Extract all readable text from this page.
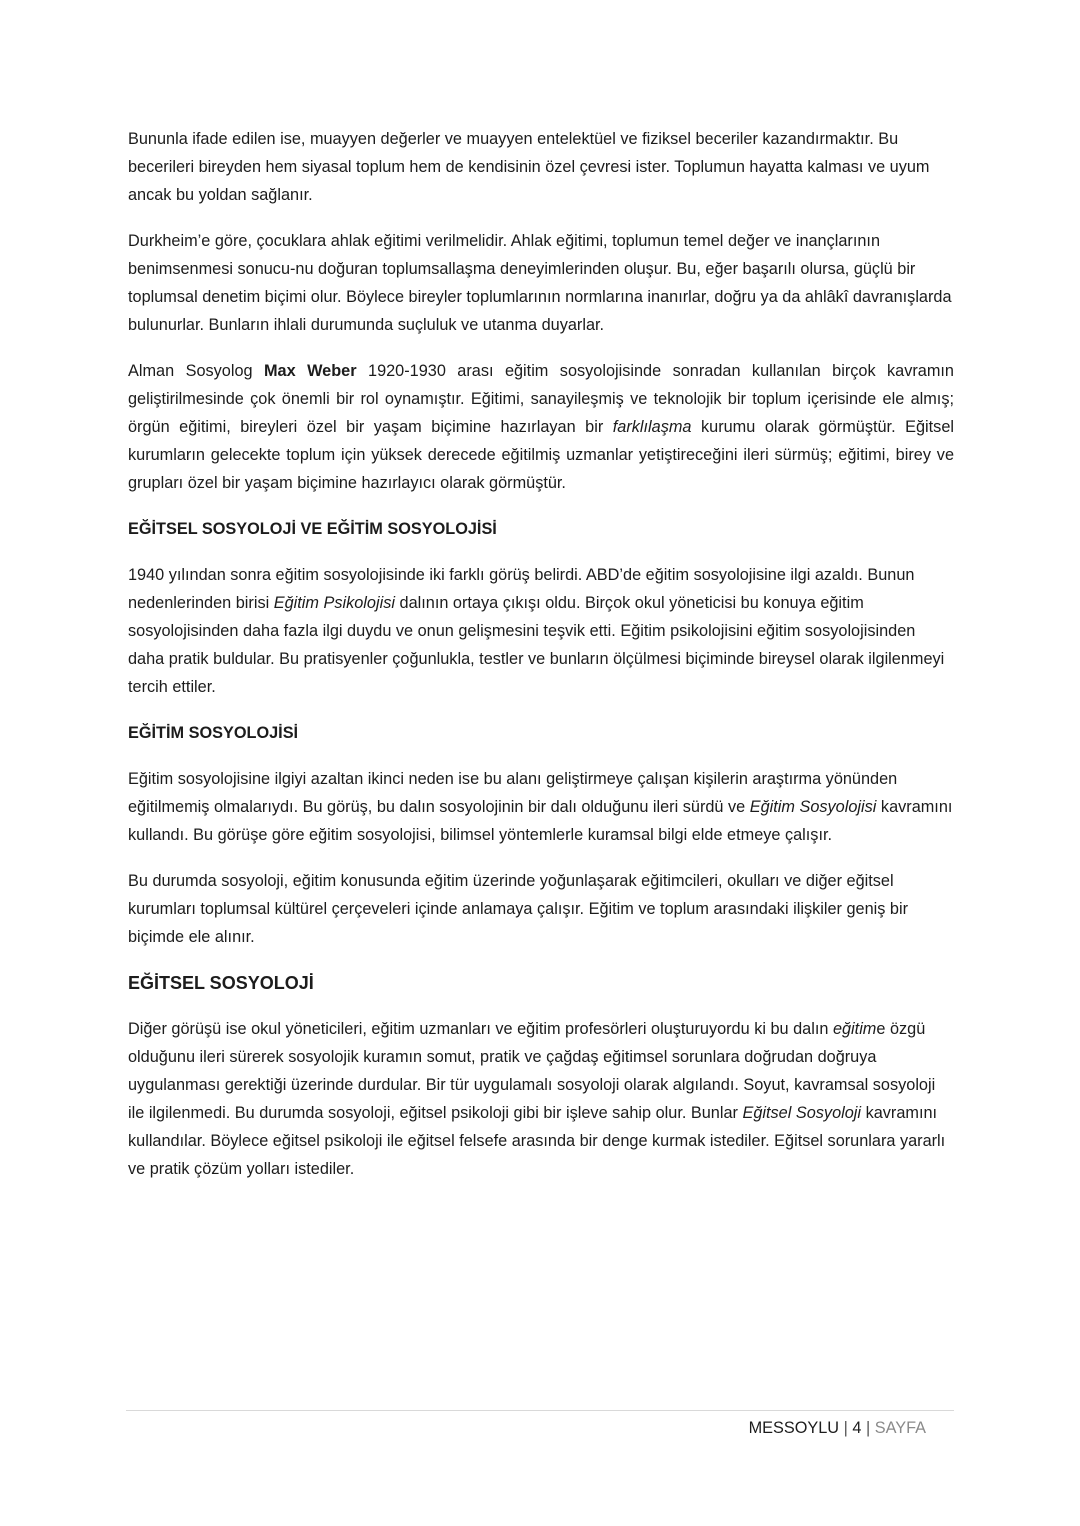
Bununla ifade edilen ise, muayyen değerler ve muayyen entelektüel ve fiziksel beceriler kazandırmaktır. Bu becerileri bireyden hem siyasal toplum hem de kendisinin özel çevresi ister. Toplumun hayatta kalması ve uyum ancak bu yoldan sağlanır.

Durkheim’e göre, çocuklara ahlak eğitimi verilmelidir. Ahlak eğitimi, toplumun temel değer ve inançlarının benimsenmesi sonucu-nu doğuran toplumsallaşma deneyimlerinden oluşur. Bu, eğer başarılı olursa, güçlü bir toplumsal denetim biçimi olur. Böylece bireyler toplumlarının normlarına inanırlar, doğru ya da ahlâkî davranışlarda bulunurlar. Bunların ihlali durumunda suçluluk ve utanma duyarlar.

Alman Sosyolog Max Weber 1920-1930 arası eğitim sosyolojisinde sonradan kullanılan birçok kavramın geliştirilmesinde çok önemli bir rol oynamıştır. Eğitimi, sanayileşmiş ve teknolojik bir toplum içerisinde ele almış; örgün eğitimi, bireyleri özel bir yaşam biçimine hazırlayan bir farklılaşma kurumu olarak görmüştür. Eğitsel kurumların gelecekte toplum için yüksek derecede eğitilmiş uzmanlar yetiştireceğini ileri sürmüş; eğitimi, birey ve grupları özel bir yaşam biçimine hazırlayıcı olarak görmüştür.

EĞİTSEL SOSYOLOJİ VE EĞİTİM SOSYOLOJİSİ

1940 yılından sonra eğitim sosyolojisinde iki farklı görüş belirdi. ABD’de eğitim sosyolojisine ilgi azaldı. Bunun nedenlerinden birisi Eğitim Psikolojisi dalının ortaya çıkışı oldu. Birçok okul yöneticisi bu konuya eğitim sosyolojisinden daha fazla ilgi duydu ve onun gelişmesini teşvik etti. Eğitim psikolojisini eğitim sosyolojisinden daha pratik buldular. Bu pratisyenler çoğunlukla, testler ve bunların ölçülmesi biçiminde bireysel olarak ilgilenmeyi tercih ettiler.

EĞİTİM SOSYOLOJİSİ

Eğitim sosyolojisine ilgiyi azaltan ikinci neden ise bu alanı geliştirmeye çalışan kişilerin araştırma yönünden eğitilmemiş olmalarıydı. Bu görüş, bu dalın sosyolojinin bir dalı olduğunu ileri sürdü ve Eğitim Sosyolojisi kavramını kullandı. Bu görüşe göre eğitim sosyolojisi, bilimsel yöntemlerle kuramsal bilgi elde etmeye çalışır.

Bu durumda sosyoloji, eğitim konusunda eğitim üzerinde yoğunlaşarak eğitimcileri, okulları ve diğer eğitsel kurumları toplumsal kültürel çerçeveleri içinde anlamaya çalışır. Eğitim ve toplum arasındaki ilişkiler geniş bir biçimde ele alınır.

EĞİTSEL SOSYOLOJİ

Diğer görüşü ise okul yöneticileri, eğitim uzmanları ve eğitim profesörleri oluşturuyordu ki bu dalın eğitime özgü olduğunu ileri sürerek sosyolojik kuramın somut, pratik ve çağdaş eğitimsel sorunlara doğrudan doğruya uygulanması gerektiği üzerinde durdular. Bir tür uygulamalı sosyoloji olarak algılandı. Soyut, kavramsal sosyoloji ile ilgilenmedi. Bu durumda sosyoloji, eğitsel psikoloji gibi bir işleve sahip olur. Bunlar Eğitsel Sosyoloji kavramını kullandılar. Böylece eğitsel psikoloji ile eğitsel felsefe arasında bir denge kurmak istediler. Eğitsel sorunlara yararlı ve pratik çözüm yolları istediler.

MESSOYLU | 4 | SAYFA
